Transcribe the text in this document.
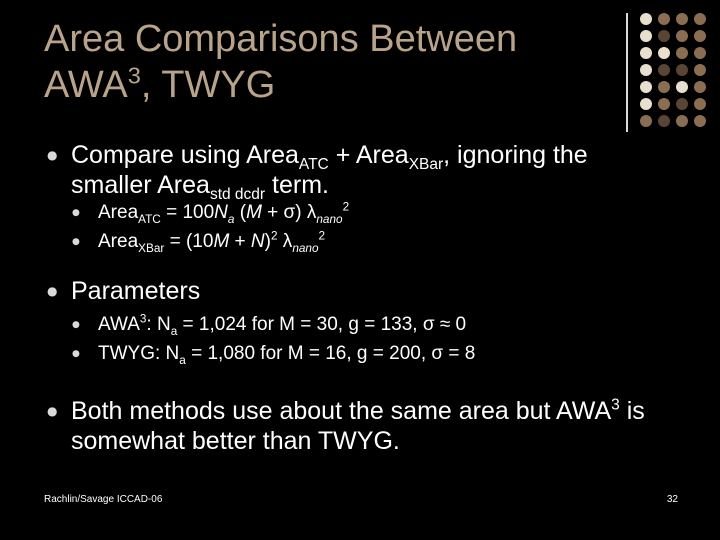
Area Comparisons Between
AWA$^3$, TWYG
● Compare using Area$_{ATC}$ + Area$_{XBar}$, ignoring the
smaller Area$_{std dcdr}$ term.
● Area$_{ATC}$ = $100N_a$ (M + σ) $\lambda_{nano}^2$
● Area$_{XBar}$ = $(10M + N)^2$ $\lambda_{nano}^2$
● Parameters
● AWA$^3$: $N_a = 1,024$ for M = 30, g = 133, σ ≈ 0
● TWYG: $N_a = 1,080$ for M = 16, g = 200, σ = 8
● Both methods use about the same area but AWA$^3$ is
somewhat better than TWYG.
Rachlin/Savage ICCAD-06	32
